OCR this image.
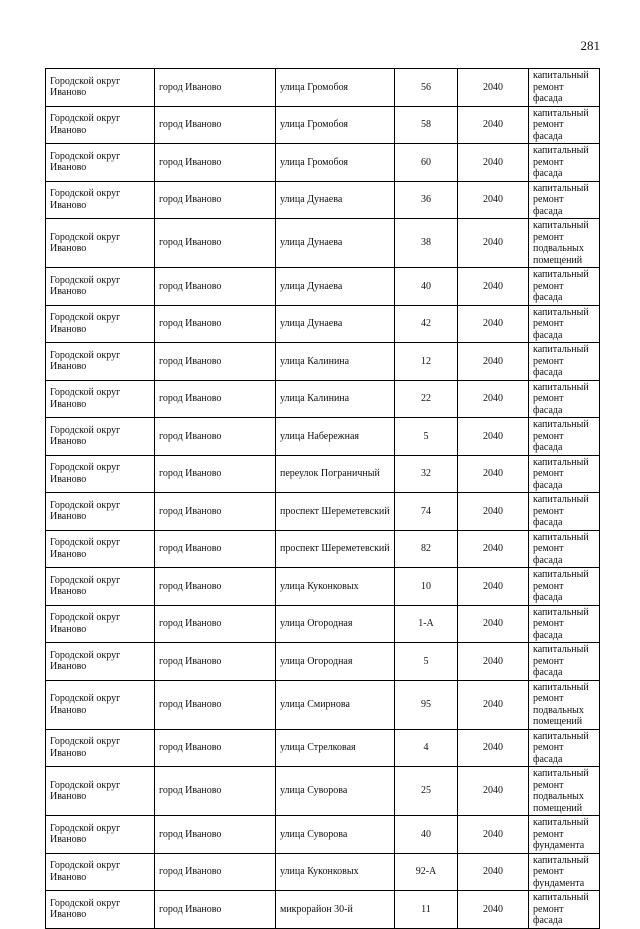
281
Городской округ Иваново	город Иваново	улица Громобоя	56	2040	капитальный ремонт фасада
Городской округ Иваново	город Иваново	улица Громобоя	58	2040	капитальный ремонт фасада
Городской округ Иваново	город Иваново	улица Громобоя	60	2040	капитальный ремонт фасада
Городской округ Иваново	город Иваново	улица Дунаева	36	2040	капитальный ремонт фасада
Городской округ Иваново	город Иваново	улица Дунаева	38	2040	капитальный ремонт подвальных помещений
Городской округ Иваново	город Иваново	улица Дунаева	40	2040	капитальный ремонт фасада
Городской округ Иваново	город Иваново	улица Дунаева	42	2040	капитальный ремонт фасада
Городской округ Иваново	город Иваново	улица Калинина	12	2040	капитальный ремонт фасада
Городской округ Иваново	город Иваново	улица Калинина	22	2040	капитальный ремонт фасада
Городской округ Иваново	город Иваново	улица Набережная	5	2040	капитальный ремонт фасада
Городской округ Иваново	город Иваново	переулок Пограничный	32	2040	капитальный ремонт фасада
Городской округ Иваново	город Иваново	проспект Шереметевский	74	2040	капитальный ремонт фасада
Городской округ Иваново	город Иваново	проспект Шереметевский	82	2040	капитальный ремонт фасада
Городской округ Иваново	город Иваново	улица Куконковых	10	2040	капитальный ремонт фасада
Городской округ Иваново	город Иваново	улица Огородная	1-А	2040	капитальный ремонт фасада
Городской округ Иваново	город Иваново	улица Огородная	5	2040	капитальный ремонт фасада
Городской округ Иваново	город Иваново	улица Смирнова	95	2040	капитальный ремонт подвальных помещений
Городской округ Иваново	город Иваново	улица Стрелковая	4	2040	капитальный ремонт фасада
Городской округ Иваново	город Иваново	улица Суворова	25	2040	капитальный ремонт подвальных помещений
Городской округ Иваново	город Иваново	улица Суворова	40	2040	капитальный ремонт фундамента
Городской округ Иваново	город Иваново	улица Куконковых	92-А	2040	капитальный ремонт фундамента
Городской округ Иваново	город Иваново	микрорайон 30-й	11	2040	капитальный ремонт фасада
